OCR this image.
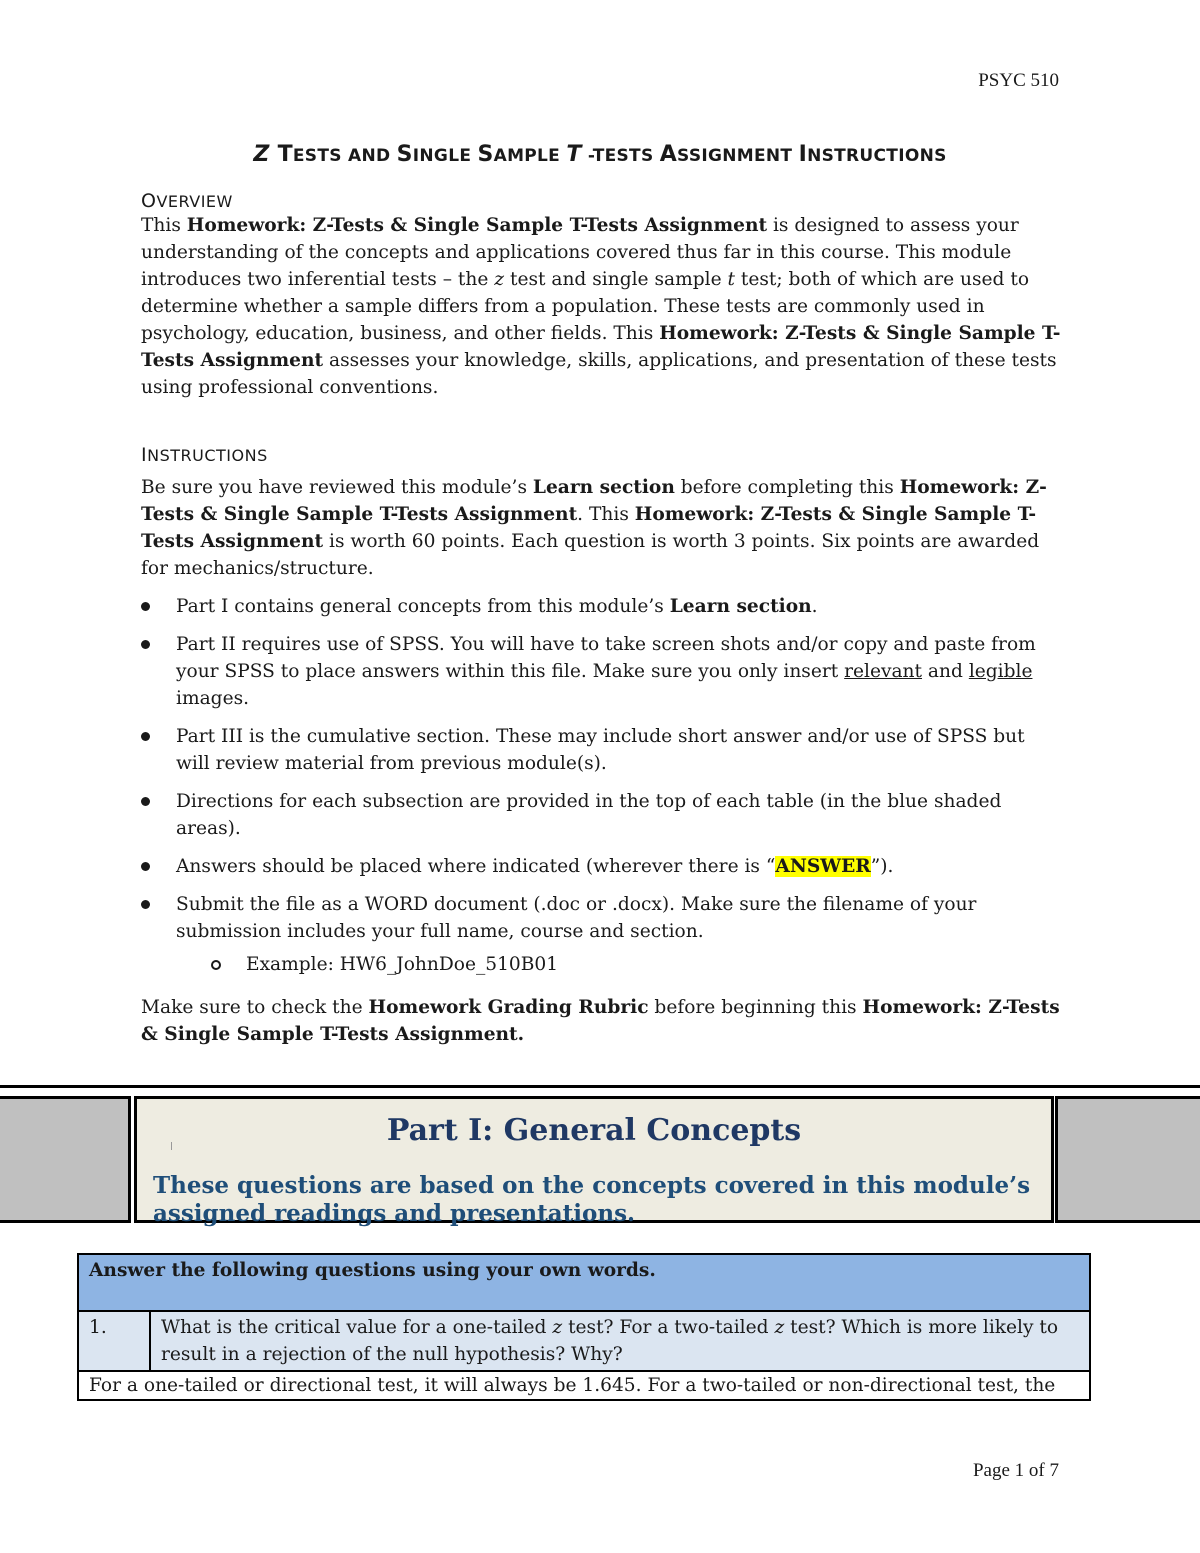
PSYC 510
Z TESTS AND SINGLE SAMPLE T -TESTS ASSIGNMENT INSTRUCTIONS
OVERVIEW

This Homework: Z-Tests & Single Sample T-Tests Assignment is designed to assess your understanding of the concepts and applications covered thus far in this course. This module introduces two inferential tests – the z test and single sample t test; both of which are used to determine whether a sample differs from a population. These tests are commonly used in psychology, education, business, and other fields. This Homework: Z-Tests & Single Sample T-Tests Assignment assesses your knowledge, skills, applications, and presentation of these tests using professional conventions.

INSTRUCTIONS

Be sure you have reviewed this module’s Learn section before completing this Homework: Z-Tests & Single Sample T-Tests Assignment. This Homework: Z-Tests & Single Sample T-Tests Assignment is worth 60 points. Each question is worth 3 points. Six points are awarded for mechanics/structure.

Part I contains general concepts from this module’s Learn section.
Part II requires use of SPSS. You will have to take screen shots and/or copy and paste from your SPSS to place answers within this file. Make sure you only insert relevant and legible images.
Part III is the cumulative section. These may include short answer and/or use of SPSS but will review material from previous module(s).
Directions for each subsection are provided in the top of each table (in the blue shaded areas).
Answers should be placed where indicated (wherever there is “ANSWER”).
Submit the file as a WORD document (.doc or .docx). Make sure the filename of your submission includes your full name, course and section.
Example: HW6_JohnDoe_510B01

Make sure to check the Homework Grading Rubric before beginning this Homework: Z-Tests & Single Sample T-Tests Assignment.

Part I: General Concepts
These questions are based on the concepts covered in this module’s assigned readings and presentations.
Answer the following questions using your own words.
1.	What is the critical value for a one-tailed z test? For a two-tailed z test? Which is more likely to result in a rejection of the null hypothesis? Why?
For a one-tailed or directional test, it will always be 1.645. For a two-tailed or non-directional test, the
Page 1 of 7
